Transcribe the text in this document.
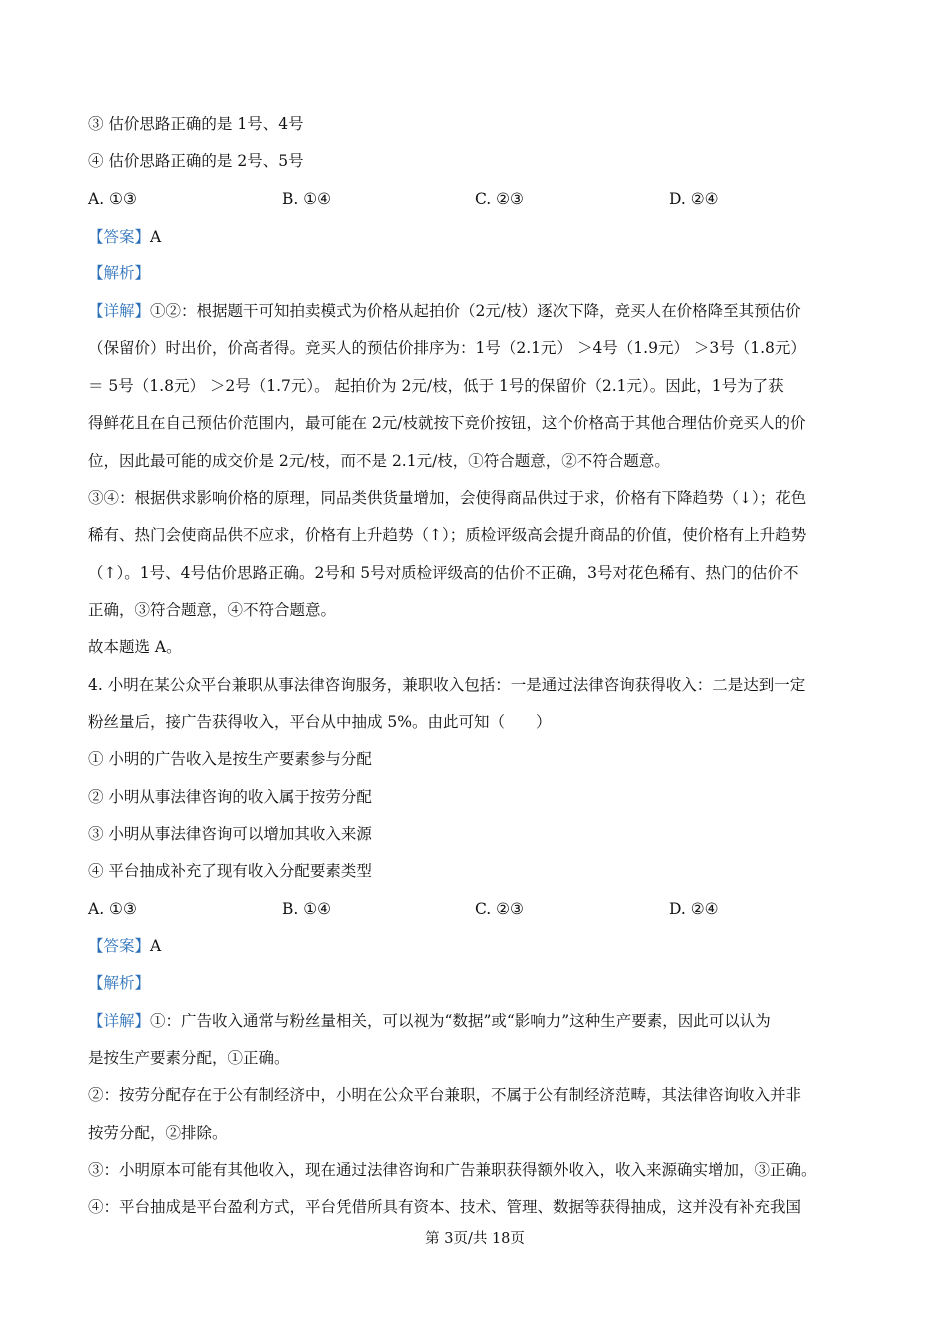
③ 估价思路正确的是 1号、4号
④ 估价思路正确的是 2号、5号
A. ①③	B. ①④	C. ②③	D. ②④
【答案】A
【解析】
【详解】①②：根据题干可知拍卖模式为价格从起拍价（2元/枝）逐次下降，竞买人在价格降至其预估价
（保留价）时出价，价高者得。竞买人的预估价排序为：1号（2.1元） ＞4号（1.9元） ＞3号（1.8元）
＝ 5号（1.8元） ＞2号（1.7元）。 起拍价为 2元/枝，低于 1号的保留价（2.1元）。因此，1号为了获
得鲜花且在自己预估价范围内，最可能在 2元/枝就按下竞价按钮，这个价格高于其他合理估价竞买人的价
位，因此最可能的成交价是 2元/枝，而不是 2.1元/枝，①符合题意，②不符合题意。
③④：根据供求影响价格的原理，同品类供货量增加，会使得商品供过于求，价格有下降趋势（↓）；花色
稀有、热门会使商品供不应求，价格有上升趋势（↑）；质检评级高会提升商品的价值，使价格有上升趋势
（↑）。1号、4号估价思路正确。2号和 5号对质检评级高的估价不正确，3号对花色稀有、热门的估价不
正确，③符合题意，④不符合题意。
故本题选 A。
4. 小明在某公众平台兼职从事法律咨询服务，兼职收入包括：一是通过法律咨询获得收入：二是达到一定
粉丝量后，接广告获得收入，平台从中抽成 5%。由此可知（　　）
① 小明的广告收入是按生产要素参与分配
② 小明从事法律咨询的收入属于按劳分配
③ 小明从事法律咨询可以增加其收入来源
④ 平台抽成补充了现有收入分配要素类型
A. ①③	B. ①④	C. ②③	D. ②④
【答案】A
【解析】
【详解】①：广告收入通常与粉丝量相关，可以视为“数据”或“影响力”这种生产要素，因此可以认为
是按生产要素分配，①正确。
②：按劳分配存在于公有制经济中，小明在公众平台兼职，不属于公有制经济范畴，其法律咨询收入并非
按劳分配，②排除。
③：小明原本可能有其他收入，现在通过法律咨询和广告兼职获得额外收入，收入来源确实增加，③正确。
④：平台抽成是平台盈利方式，平台凭借所具有资本、技术、管理、数据等获得抽成，这并没有补充我国
第 3页/共 18页
